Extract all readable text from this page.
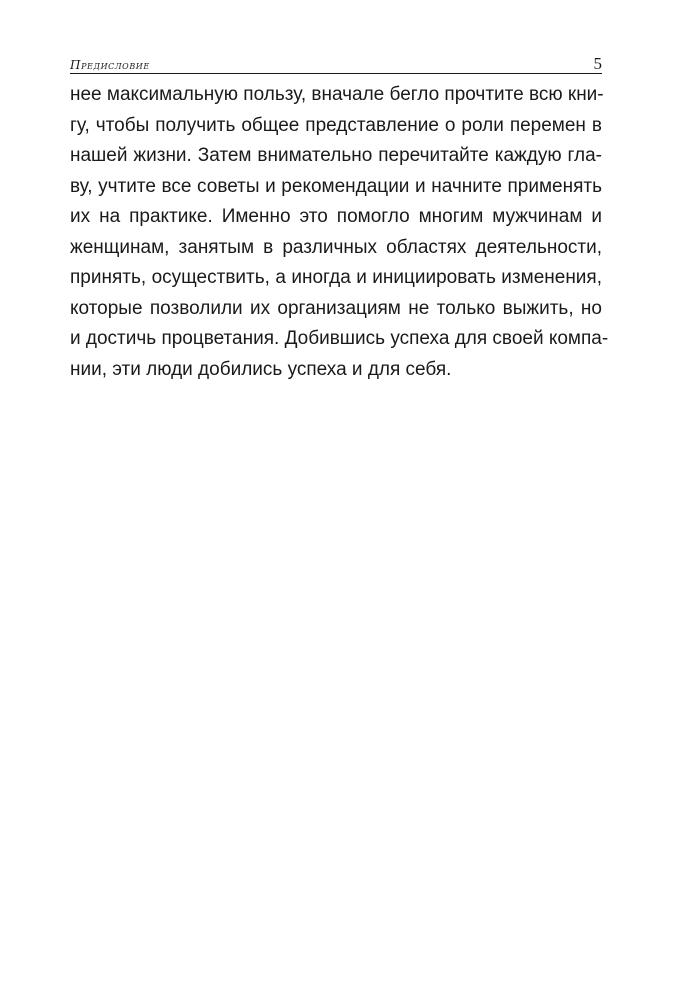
Предисловие	5
нее максимальную пользу, вначале бегло прочтите всю кни-
гу, чтобы получить общее представление о роли перемен в
нашей жизни. Затем внимательно перечитайте каждую гла-
ву, учтите все советы и рекомендации и начните применять
их на практике. Именно это помогло многим мужчинам и
женщинам, занятым в различных областях деятельности,
принять, осуществить, а иногда и инициировать изменения,
которые позволили их организациям не только выжить, но
и достичь процветания. Добившись успеха для своей компа-
нии, эти люди добились успеха и для себя.
